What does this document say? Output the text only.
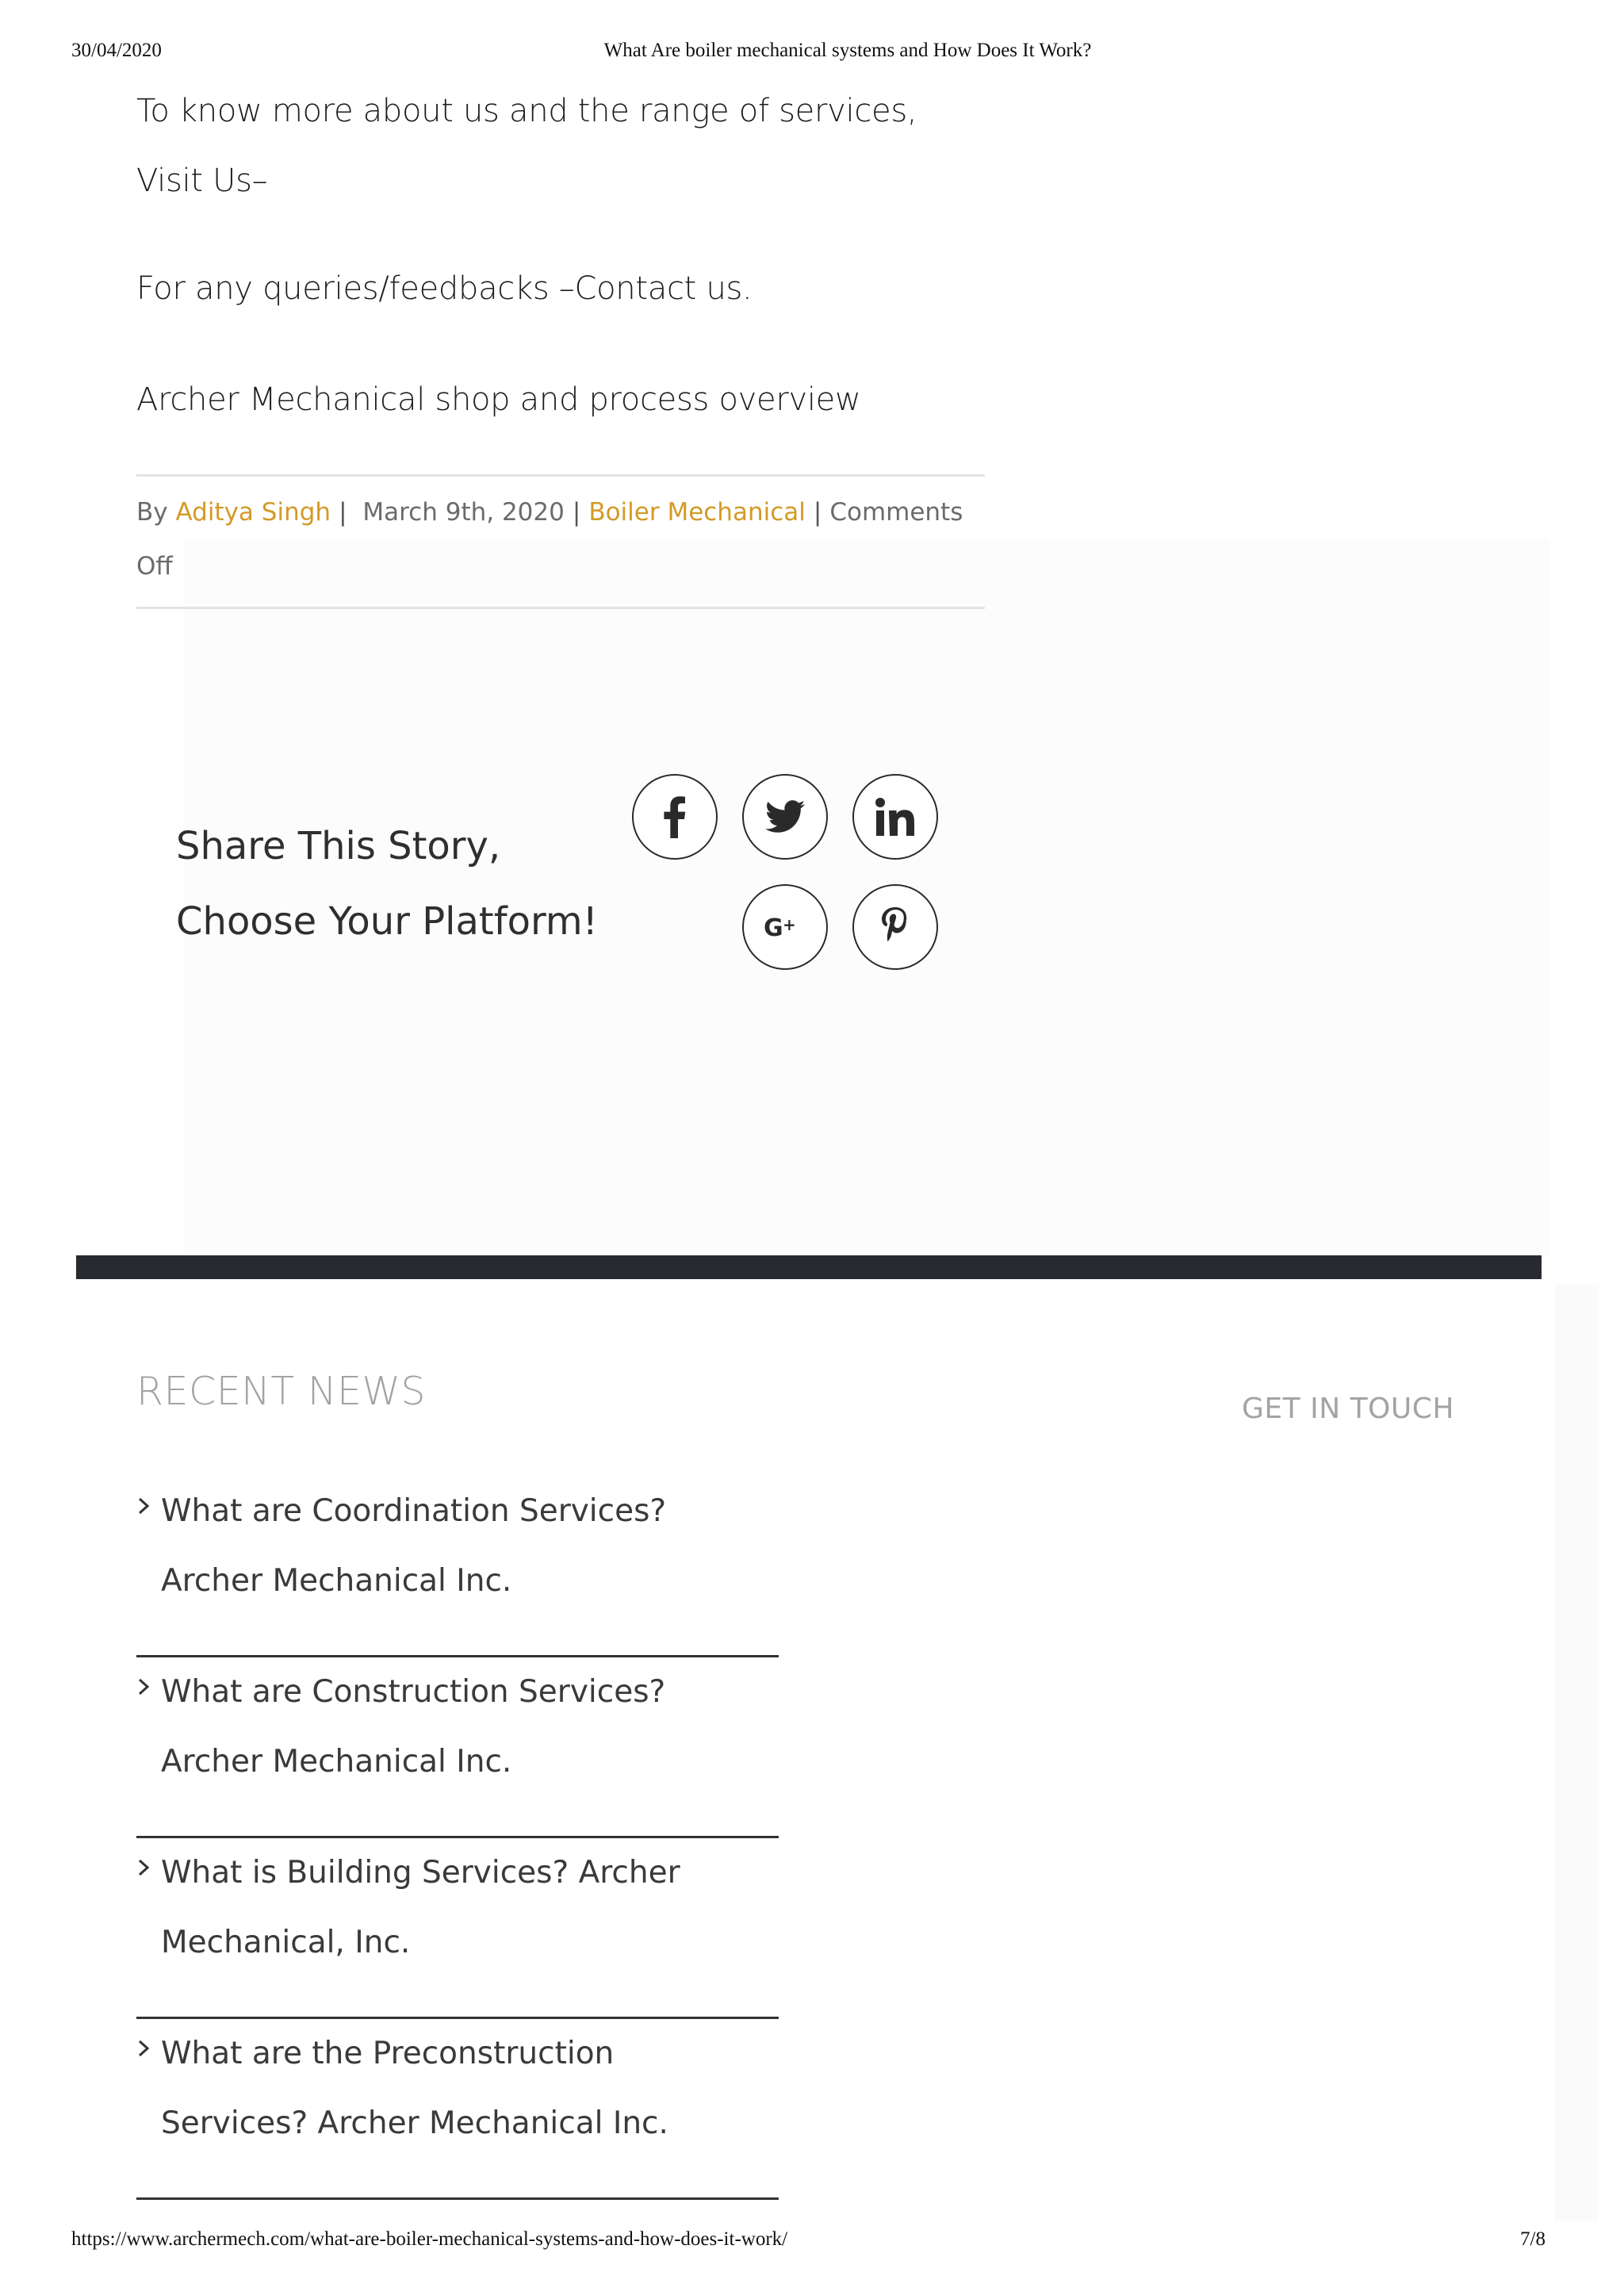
30/04/2020	What Are boiler mechanical systems and How Does It Work?
To know more about us and the range of services, Visit Us–
For any queries/feedbacks –Contact us.
Archer Mechanical shop and process overview
By Aditya Singh | March 9th, 2020 | Boiler Mechanical | Comments Off
Share This Story, Choose Your Platform!	G +
RECENT NEWS	GET IN TOUCH
What are Coordination Services? Archer Mechanical Inc.
What are Construction Services? Archer Mechanical Inc.
What is Building Services? Archer Mechanical, Inc.
What are the Preconstruction Services? Archer Mechanical Inc.
https://www.archermech.com/what-are-boiler-mechanical-systems-and-how-does-it-work/	7/8
